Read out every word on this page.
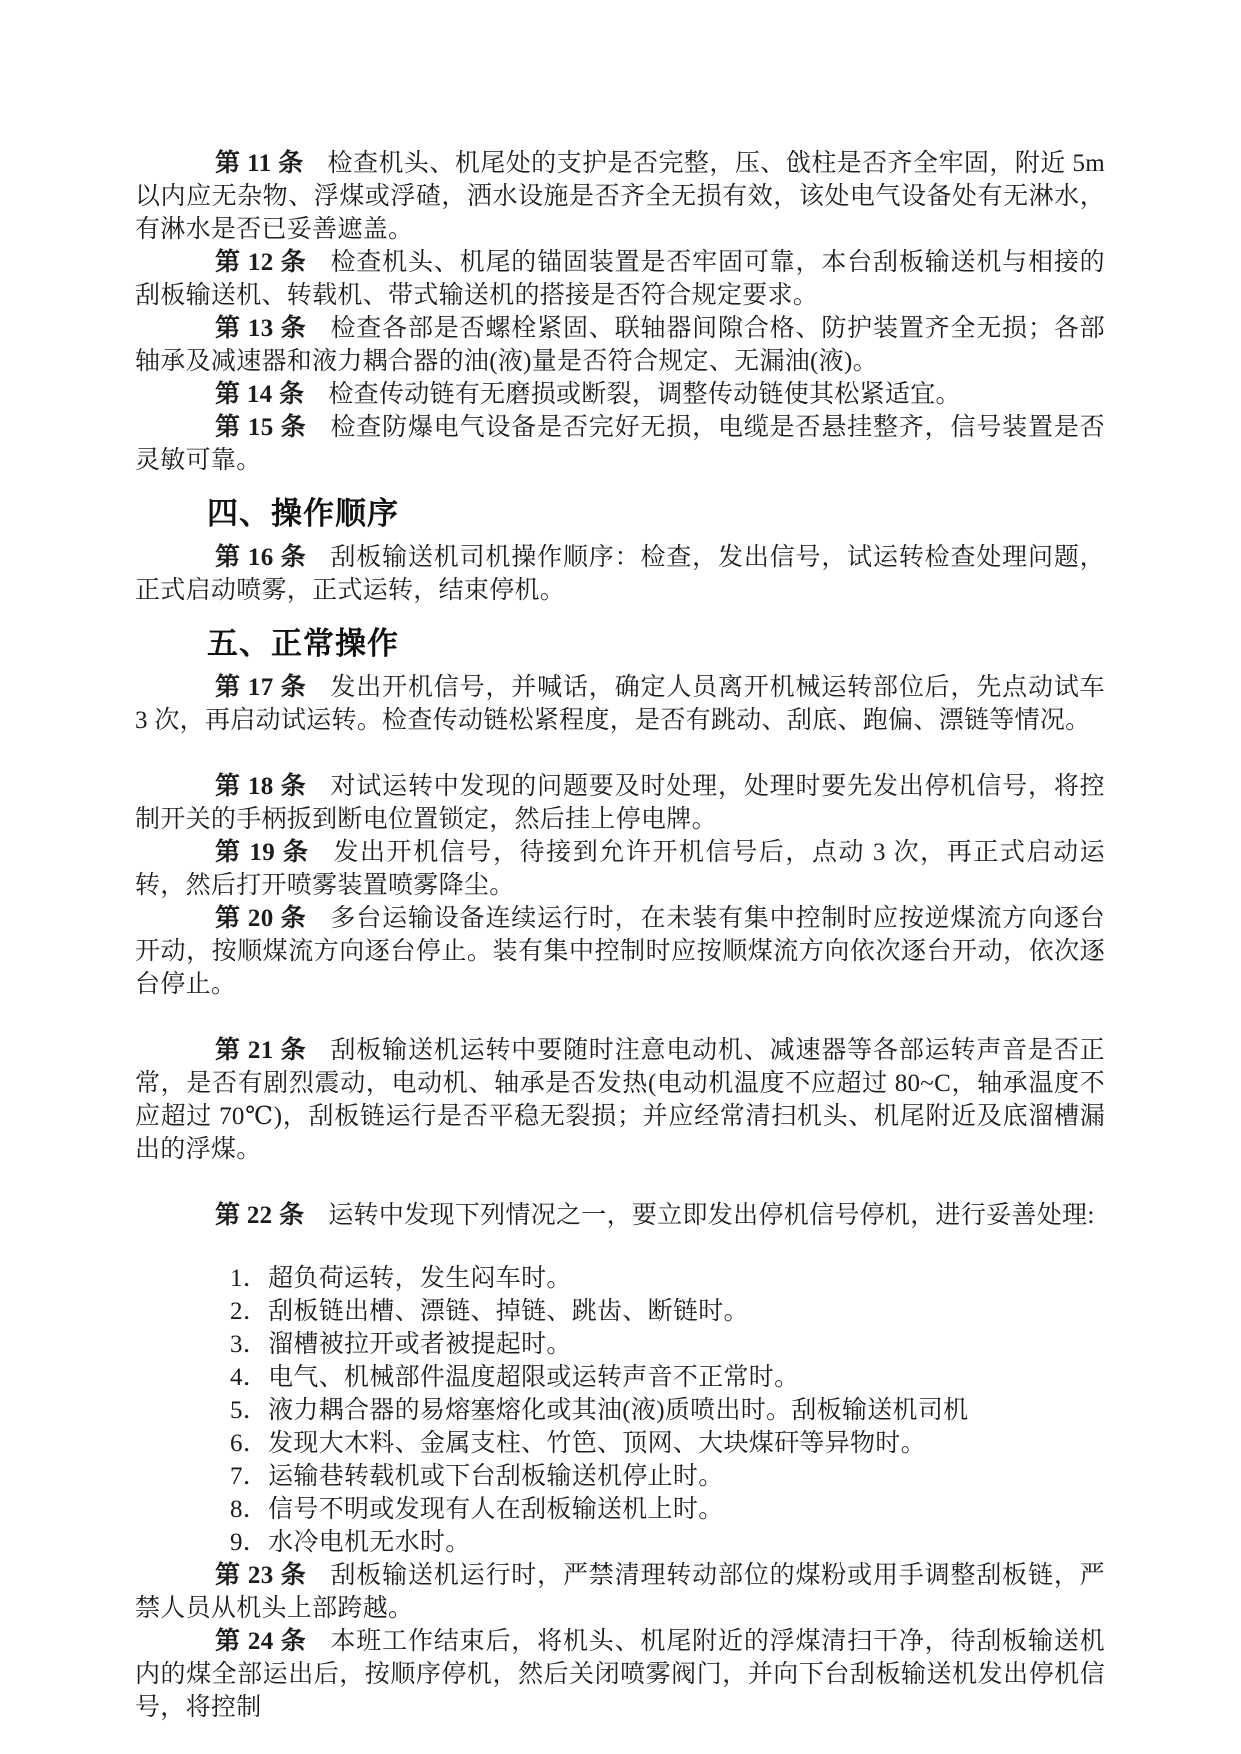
第 11 条 检查机头、机尾处的支护是否完整，压、戗柱是否齐全牢固，附近 5m 以内应无杂物、浮煤或浮碴，洒水设施是否齐全无损有效，该处电气设备处有无淋水，有淋水是否已妥善遮盖。

第 12 条 检查机头、机尾的锚固装置是否牢固可靠，本台刮板输送机与相接的刮板输送机、转载机、带式输送机的搭接是否符合规定要求。

第 13 条 检查各部是否螺栓紧固、联轴器间隙合格、防护装置齐全无损；各部轴承及减速器和液力耦合器的油(液)量是否符合规定、无漏油(液)。

第 14 条 检查传动链有无磨损或断裂，调整传动链使其松紧适宜。

第 15 条 检查防爆电气设备是否完好无损，电缆是否悬挂整齐，信号装置是否灵敏可靠。

四、操作顺序

第 16 条 刮板输送机司机操作顺序：检查，发出信号，试运转检查处理问题，正式启动喷雾，正式运转，结束停机。

五、正常操作

第 17 条 发出开机信号，并喊话，确定人员离开机械运转部位后，先点动试车 3 次，再启动试运转。检查传动链松紧程度，是否有跳动、刮底、跑偏、漂链等情况。

第 18 条 对试运转中发现的问题要及时处理，处理时要先发出停机信号，将控制开关的手柄扳到断电位置锁定，然后挂上停电牌。

第 19 条 发出开机信号，待接到允许开机信号后，点动 3 次，再正式启动运转，然后打开喷雾装置喷雾降尘。

第 20 条 多台运输设备连续运行时，在未装有集中控制时应按逆煤流方向逐台开动，按顺煤流方向逐台停止。装有集中控制时应按顺煤流方向依次逐台开动，依次逐台停止。

第 21 条 刮板输送机运转中要随时注意电动机、减速器等各部运转声音是否正常，是否有剧烈震动，电动机、轴承是否发热(电动机温度不应超过 80~C，轴承温度不应超过 70℃)，刮板链运行是否平稳无裂损；并应经常清扫机头、机尾附近及底溜槽漏出的浮煤。

第 22 条 运转中发现下列情况之一，要立即发出停机信号停机，进行妥善处理:

1．超负荷运转，发生闷车时。

2．刮板链出槽、漂链、掉链、跳齿、断链时。

3．溜槽被拉开或者被提起时。

4．电气、机械部件温度超限或运转声音不正常时。

5．液力耦合器的易熔塞熔化或其油(液)质喷出时。刮板输送机司机

6．发现大木料、金属支柱、竹笆、顶网、大块煤矸等异物时。

7．运输巷转载机或下台刮板输送机停止时。

8．信号不明或发现有人在刮板输送机上时。

9．水冷电机无水时。

第 23 条 刮板输送机运行时，严禁清理转动部位的煤粉或用手调整刮板链，严禁人员从机头上部跨越。

第 24 条 本班工作结束后，将机头、机尾附近的浮煤清扫干净，待刮板输送机内的煤全部运出后，按顺序停机，然后关闭喷雾阀门，并向下台刮板输送机发出停机信号，将控制
